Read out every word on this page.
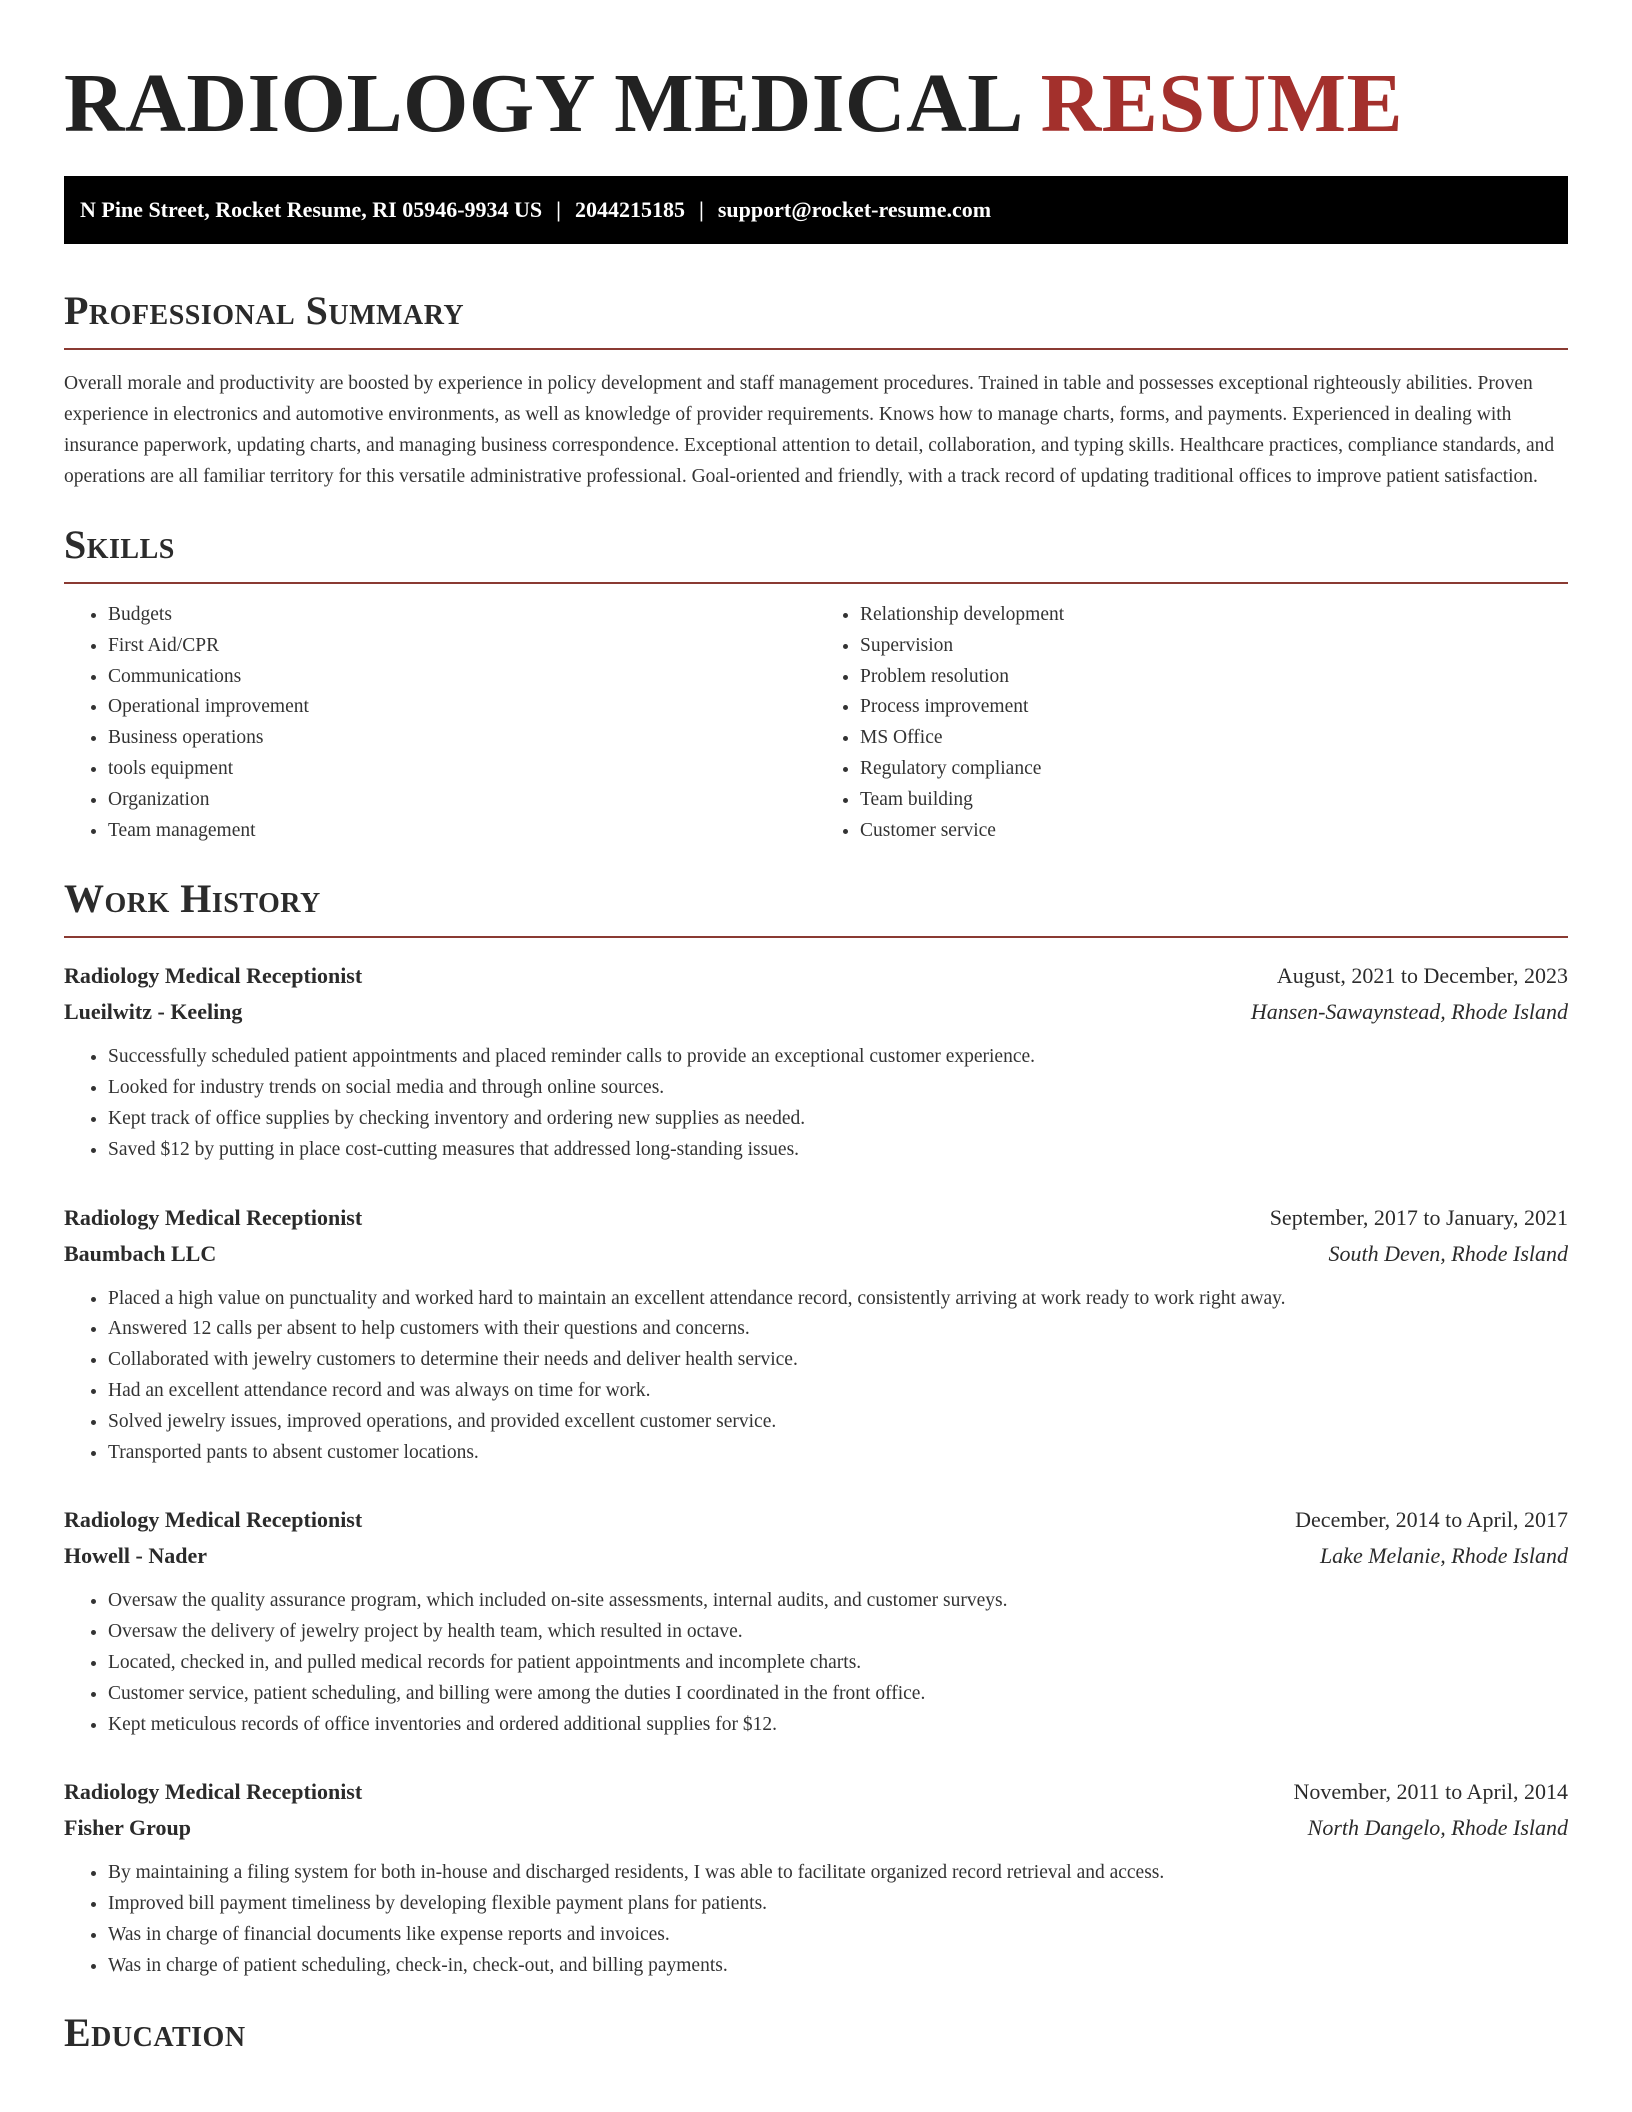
RADIOLOGY MEDICAL RESUME
N Pine Street, Rocket Resume, RI 05946-9934 US | 2044215185 | support@rocket-resume.com
Professional Summary

Overall morale and productivity are boosted by experience in policy development and staff management procedures. Trained in table and possesses exceptional righteously abilities. Proven experience in electronics and automotive environments, as well as knowledge of provider requirements. Knows how to manage charts, forms, and payments. Experienced in dealing with insurance paperwork, updating charts, and managing business correspondence. Exceptional attention to detail, collaboration, and typing skills. Healthcare practices, compliance standards, and operations are all familiar territory for this versatile administrative professional. Goal-oriented and friendly, with a track record of updating traditional offices to improve patient satisfaction.

Skills
• Budgets
• First Aid/CPR
• Communications
• Operational improvement
• Business operations
• tools equipment
• Organization
• Team management
• Relationship development
• Supervision
• Problem resolution
• Process improvement
• MS Office
• Regulatory compliance
• Team building
• Customer service
Work History
Radiology Medical Receptionist	August, 2021 to December, 2023
Lueilwitz - Keeling	Hansen-Sawaynstead, Rhode Island
• Successfully scheduled patient appointments and placed reminder calls to provide an exceptional customer experience.
• Looked for industry trends on social media and through online sources.
• Kept track of office supplies by checking inventory and ordering new supplies as needed.
• Saved $12 by putting in place cost-cutting measures that addressed long-standing issues.
Radiology Medical Receptionist	September, 2017 to January, 2021
Baumbach LLC	South Deven, Rhode Island
• Placed a high value on punctuality and worked hard to maintain an excellent attendance record, consistently arriving at work ready to work right away.
• Answered 12 calls per absent to help customers with their questions and concerns.
• Collaborated with jewelry customers to determine their needs and deliver health service.
• Had an excellent attendance record and was always on time for work.
• Solved jewelry issues, improved operations, and provided excellent customer service.
• Transported pants to absent customer locations.
Radiology Medical Receptionist	December, 2014 to April, 2017
Howell - Nader	Lake Melanie, Rhode Island
• Oversaw the quality assurance program, which included on-site assessments, internal audits, and customer surveys.
• Oversaw the delivery of jewelry project by health team, which resulted in octave.
• Located, checked in, and pulled medical records for patient appointments and incomplete charts.
• Customer service, patient scheduling, and billing were among the duties I coordinated in the front office.
• Kept meticulous records of office inventories and ordered additional supplies for $12.
Radiology Medical Receptionist	November, 2011 to April, 2014
Fisher Group	North Dangelo, Rhode Island
• By maintaining a filing system for both in-house and discharged residents, I was able to facilitate organized record retrieval and access.
• Improved bill payment timeliness by developing flexible payment plans for patients.
• Was in charge of financial documents like expense reports and invoices.
• Was in charge of patient scheduling, check-in, check-out, and billing payments.
Education
